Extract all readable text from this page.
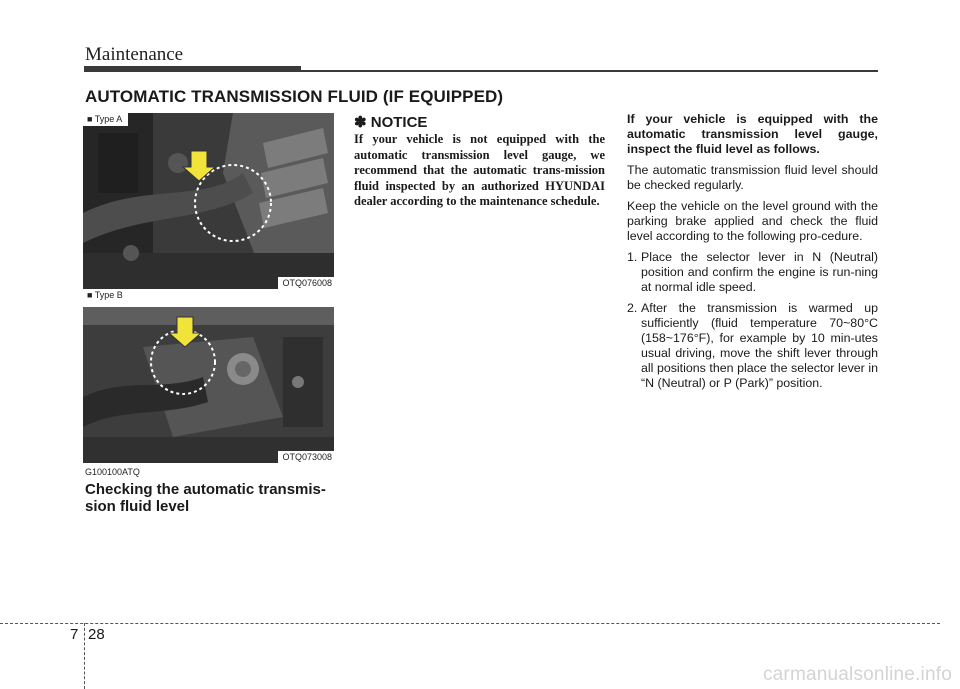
Maintenance
AUTOMATIC TRANSMISSION FLUID (IF EQUIPPED)
■ Type A
OTQ076008
■ Type B
OTQ073008
G100100ATQ
Checking the automatic transmis-sion fluid level
✽ NOTICE
If your vehicle is not equipped with the automatic transmission level gauge, we recommend that the automatic trans-mission fluid inspected by an authorized HYUNDAI dealer according to the maintenance schedule.

If your vehicle is equipped with the automatic transmission level gauge, inspect the fluid level as follows.

The automatic transmission fluid level should be checked regularly.

Keep the vehicle on the level ground with the parking brake applied and check the fluid level according to the following pro-cedure.

1. Place the selector lever in N (Neutral) position and confirm the engine is run-ning at normal idle speed.
2. After the transmission is warmed up sufficiently (fluid temperature 70~80°C (158~176°F), for example by 10 min-utes usual driving, move the shift lever through all positions then place the selector lever in “N (Neutral) or P (Park)” position.
7 28
carmanualsonline.info
